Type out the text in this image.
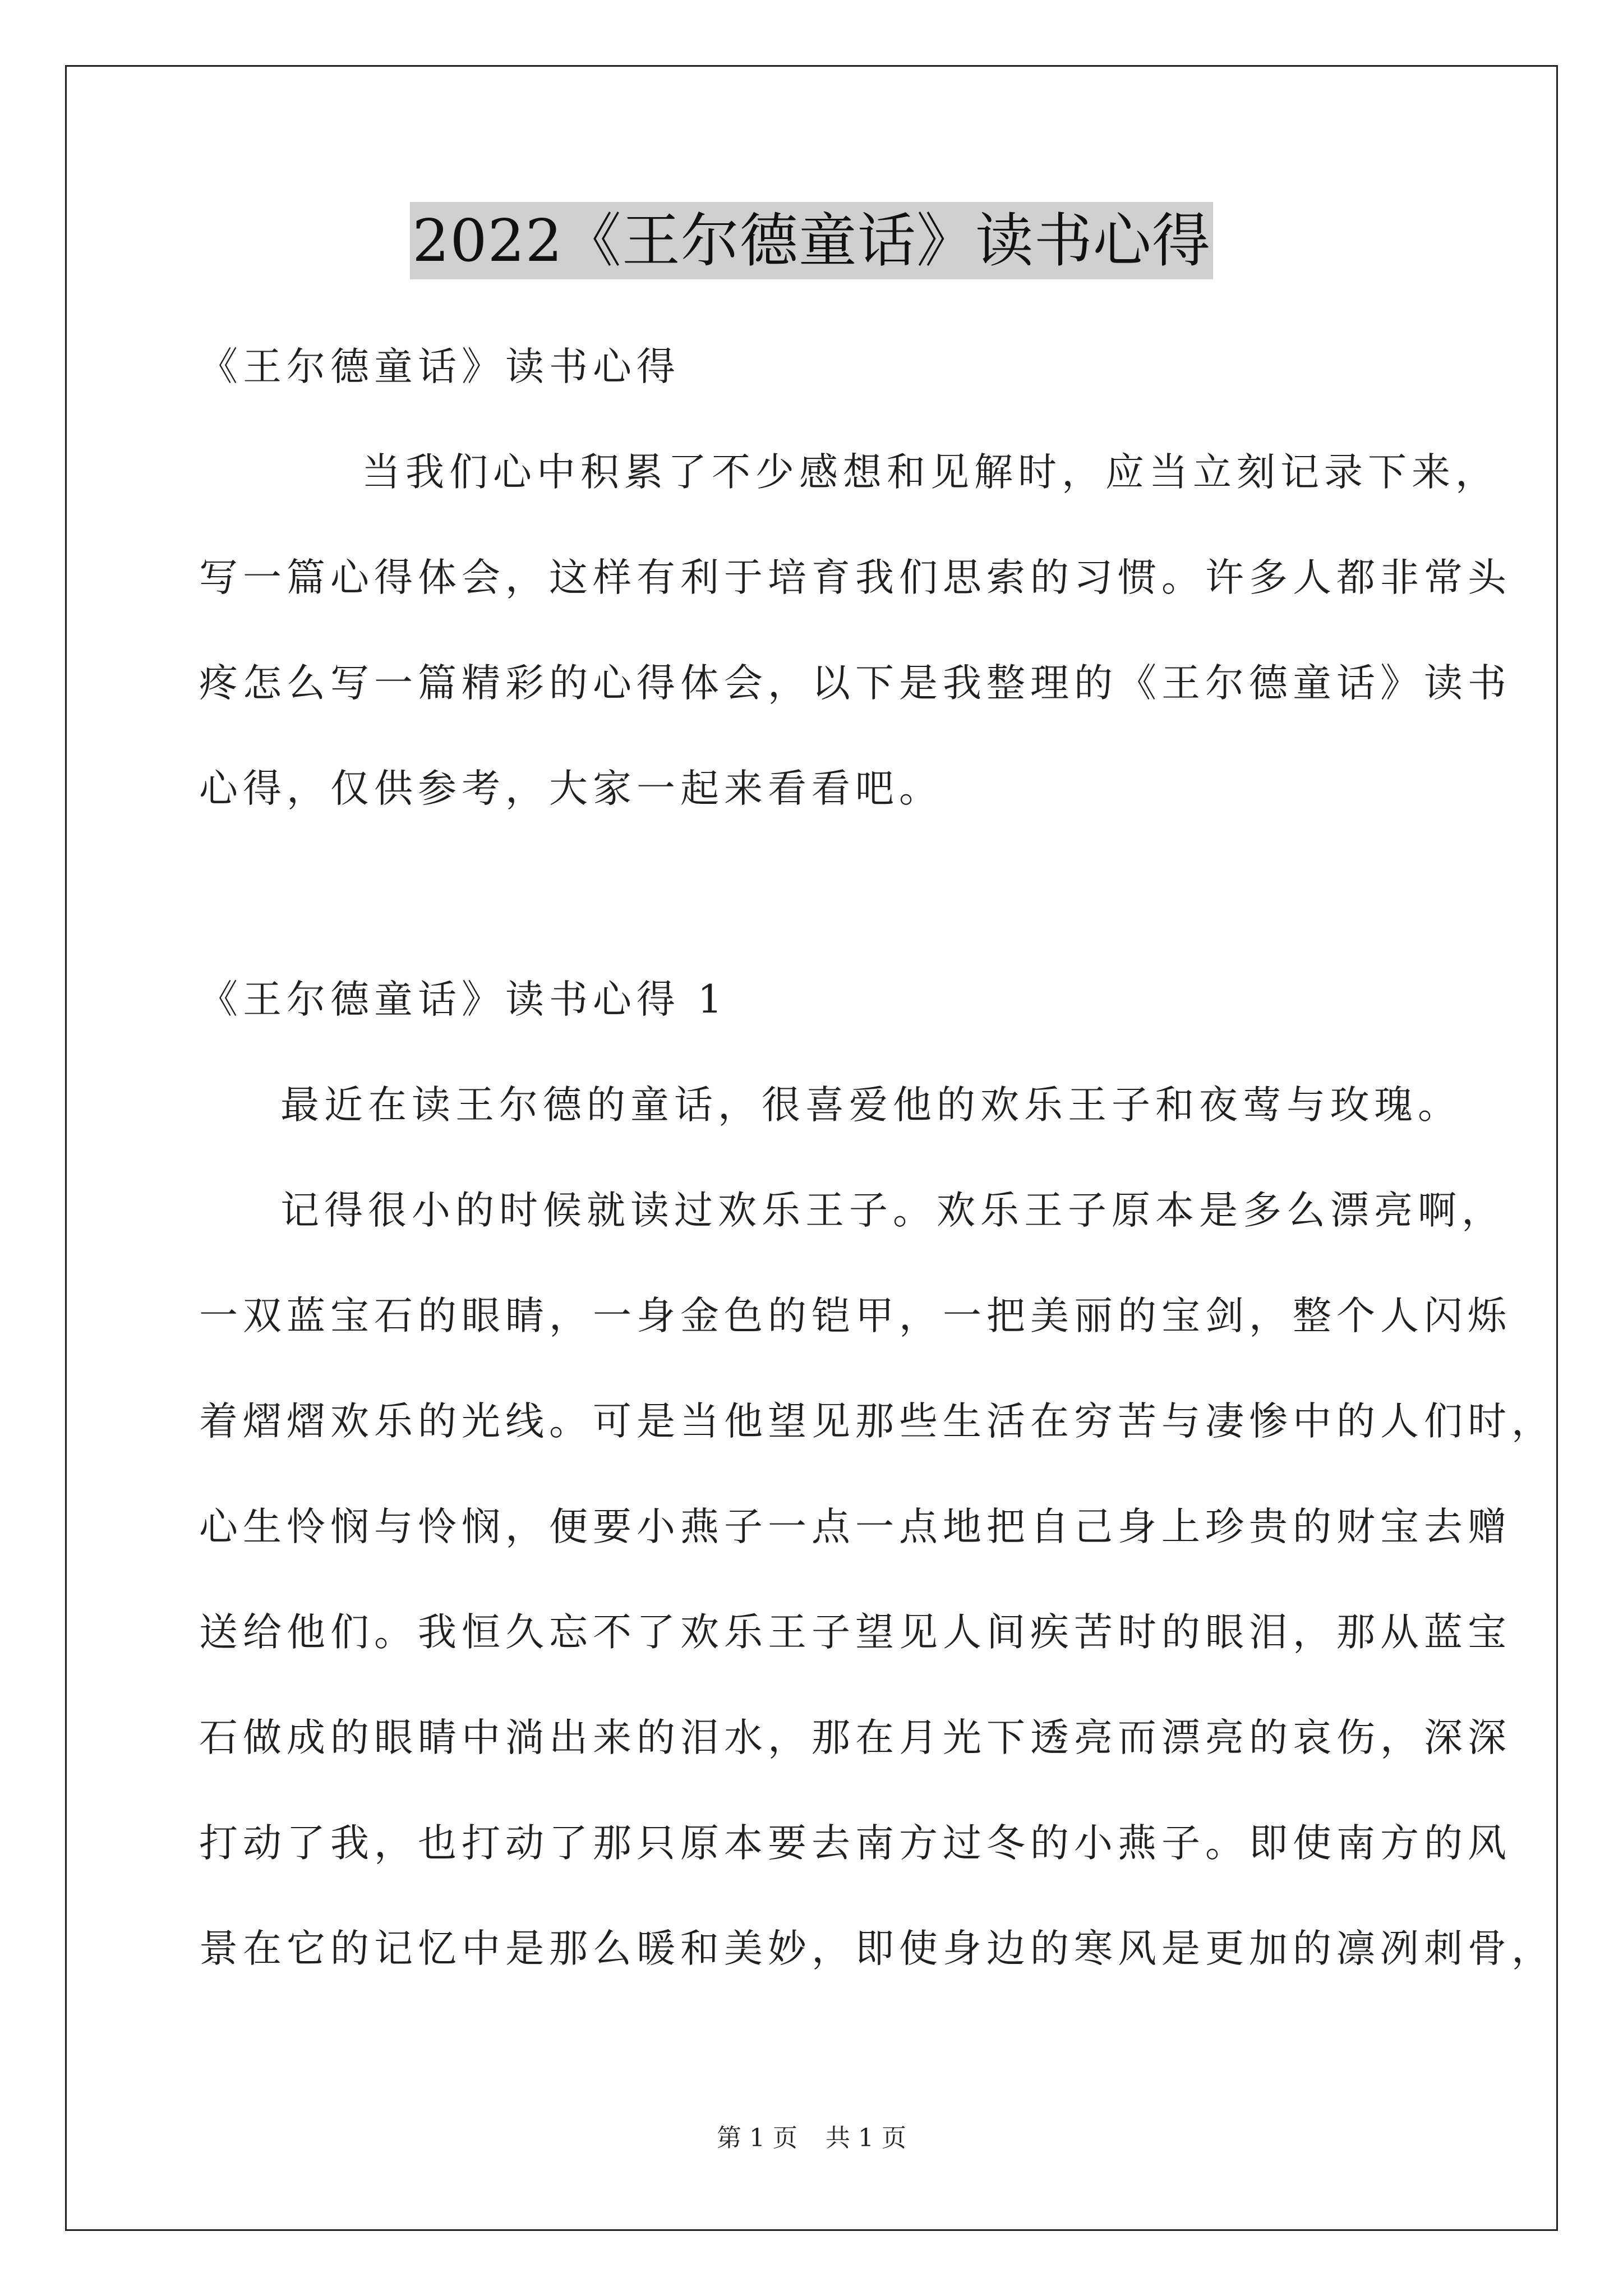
2022《王尔德童话》读书心得
《王尔德童话》读书心得
当我们心中积累了不少感想和见解时，应当立刻记录下来，
写一篇心得体会，这样有利于培育我们思索的习惯。许多人都非常头
疼怎么写一篇精彩的心得体会，以下是我整理的《王尔德童话》读书
心得，仅供参考，大家一起来看看吧。
《王尔德童话》读书心得 1
最近在读王尔德的童话，很喜爱他的欢乐王子和夜莺与玫瑰。
记得很小的时候就读过欢乐王子。欢乐王子原本是多么漂亮啊，
一双蓝宝石的眼睛，一身金色的铠甲，一把美丽的宝剑，整个人闪烁
着熠熠欢乐的光线。可是当他望见那些生活在穷苦与凄惨中的人们时，
心生怜悯与怜悯，便要小燕子一点一点地把自己身上珍贵的财宝去赠
送给他们。我恒久忘不了欢乐王子望见人间疾苦时的眼泪，那从蓝宝
石做成的眼睛中淌出来的泪水，那在月光下透亮而漂亮的哀伤，深深
打动了我，也打动了那只原本要去南方过冬的小燕子。即使南方的风
景在它的记忆中是那么暖和美妙，即使身边的寒风是更加的凛冽刺骨，
第 1 页 共 1 页
